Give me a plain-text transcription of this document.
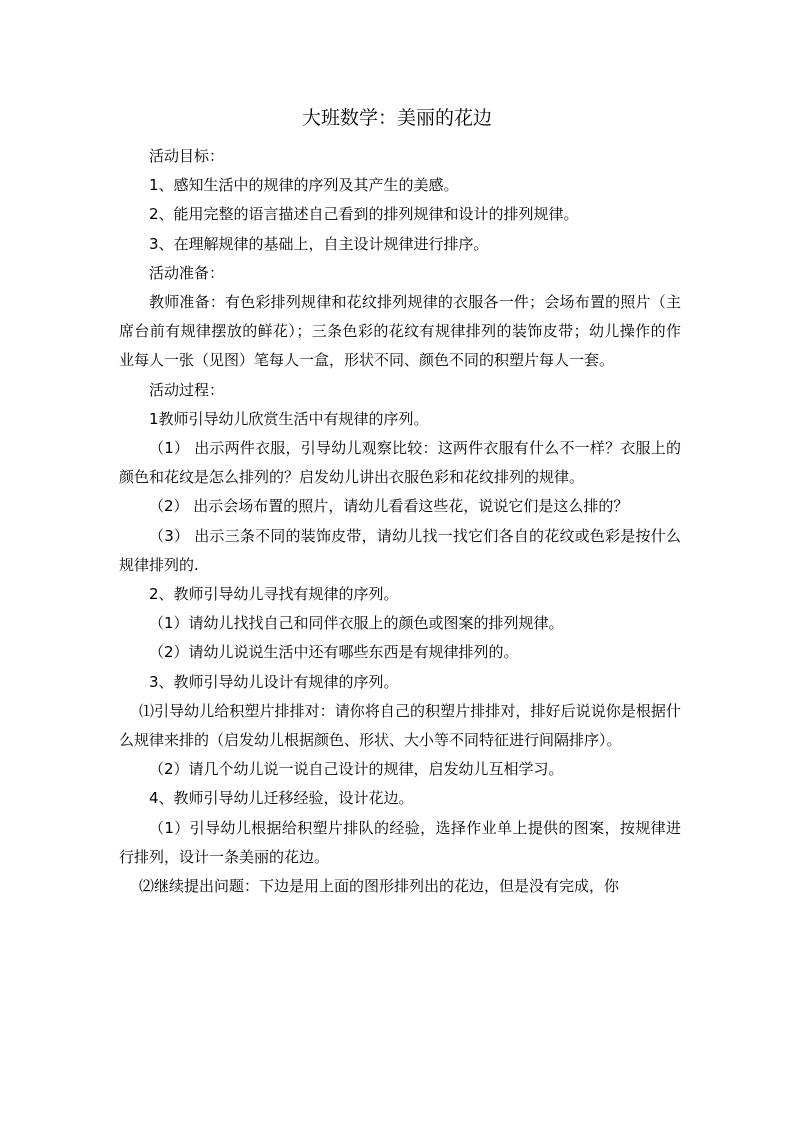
大班数学：美丽的花边

活动目标：

1、感知生活中的规律的序列及其产生的美感。

2、能用完整的语言描述自己看到的排列规律和设计的排列规律。

3、在理解规律的基础上，自主设计规律进行排序。

活动准备：

教师准备：有色彩排列规律和花纹排列规律的衣服各一件；会场布置的照片（主席台前有规律摆放的鲜花）；三条色彩的花纹有规律排列的装饰皮带；幼儿操作的作业每人一张（见图）笔每人一盒，形状不同、颜色不同的积塑片每人一套。

活动过程：

1教师引导幼儿欣赏生活中有规律的序列。

（1） 出示两件衣服，引导幼儿观察比较：这两件衣服有什么不一样？衣服上的颜色和花纹是怎么排列的？启发幼儿讲出衣服色彩和花纹排列的规律。

（2） 出示会场布置的照片，请幼儿看看这些花，说说它们是这么排的？

（3） 出示三条不同的装饰皮带，请幼儿找一找它们各自的花纹或色彩是按什么规律排列的.

2、教师引导幼儿寻找有规律的序列。

（1）请幼儿找找自己和同伴衣服上的颜色或图案的排列规律。

（2）请幼儿说说生活中还有哪些东西是有规律排列的。

3、教师引导幼儿设计有规律的序列。

⑴引导幼儿给积塑片排排对：请你将自己的积塑片排排对，排好后说说你是根据什么规律来排的（启发幼儿根据颜色、形状、大小等不同特征进行间隔排序）。

（2）请几个幼儿说一说自己设计的规律，启发幼儿互相学习。

4、教师引导幼儿迁移经验，设计花边。

（1）引导幼儿根据给积塑片排队的经验，选择作业单上提供的图案，按规律进行排列，设计一条美丽的花边。

⑵继续提出问题：下边是用上面的图形排列出的花边，但是没有完成，你
